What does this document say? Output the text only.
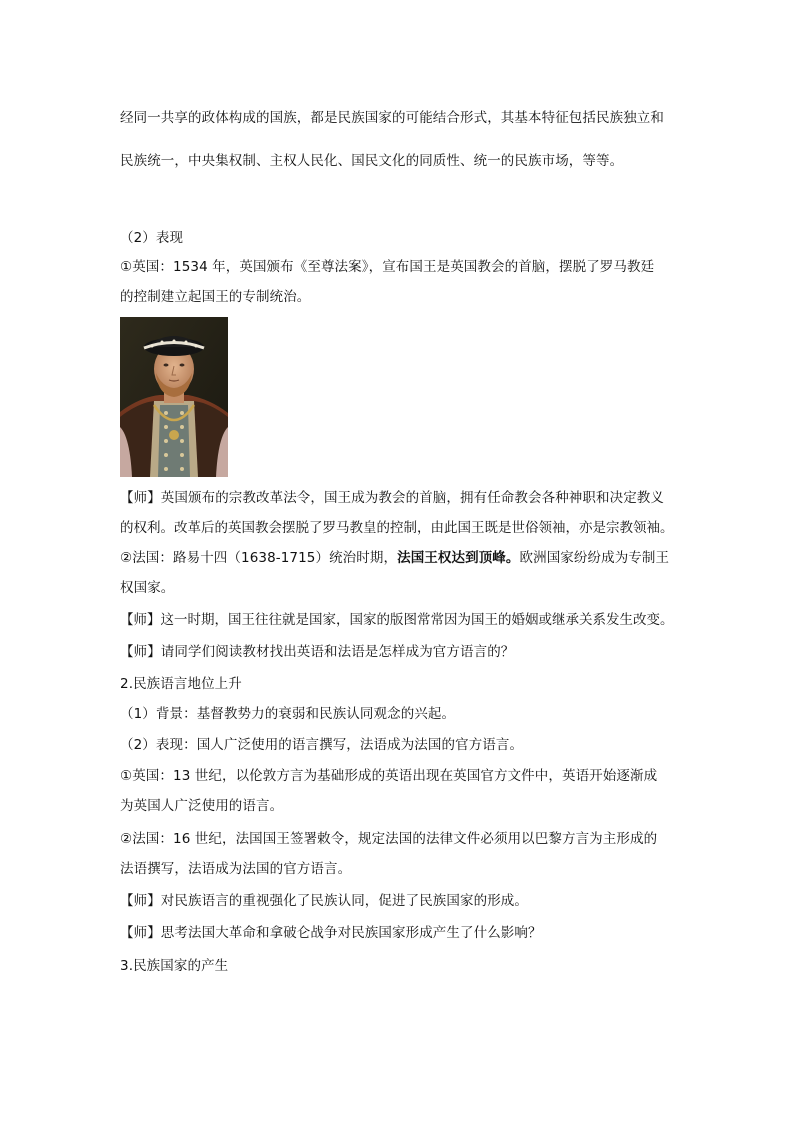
经同一共享的政体构成的国族，都是民族国家的可能结合形式，其基本特征包括民族独立和
民族统一，中央集权制、主权人民化、国民文化的同质性、统一的民族市场，等等。
（2）表现
①英国：1534 年，英国颁布《至尊法案》，宣布国王是英国教会的首脑，摆脱了罗马教廷
的控制建立起国王的专制统治。
【师】英国颁布的宗教改革法令，国王成为教会的首脑，拥有任命教会各种神职和决定教义
的权利。改革后的英国教会摆脱了罗马教皇的控制，由此国王既是世俗领袖，亦是宗教领袖。
②法国：路易十四（1638-1715）统治时期，法国王权达到顶峰。欧洲国家纷纷成为专制王
权国家。
【师】这一时期，国王往往就是国家，国家的版图常常因为国王的婚姻或继承关系发生改变。
【师】请同学们阅读教材找出英语和法语是怎样成为官方语言的？
2.民族语言地位上升
（1）背景：基督教势力的衰弱和民族认同观念的兴起。
（2）表现：国人广泛使用的语言撰写，法语成为法国的官方语言。
①英国：13 世纪，以伦敦方言为基础形成的英语出现在英国官方文件中，英语开始逐渐成
为英国人广泛使用的语言。
②法国：16 世纪，法国国王签署敕令，规定法国的法律文件必须用以巴黎方言为主形成的
法语撰写，法语成为法国的官方语言。
【师】对民族语言的重视强化了民族认同，促进了民族国家的形成。
【师】思考法国大革命和拿破仑战争对民族国家形成产生了什么影响？
3.民族国家的产生
